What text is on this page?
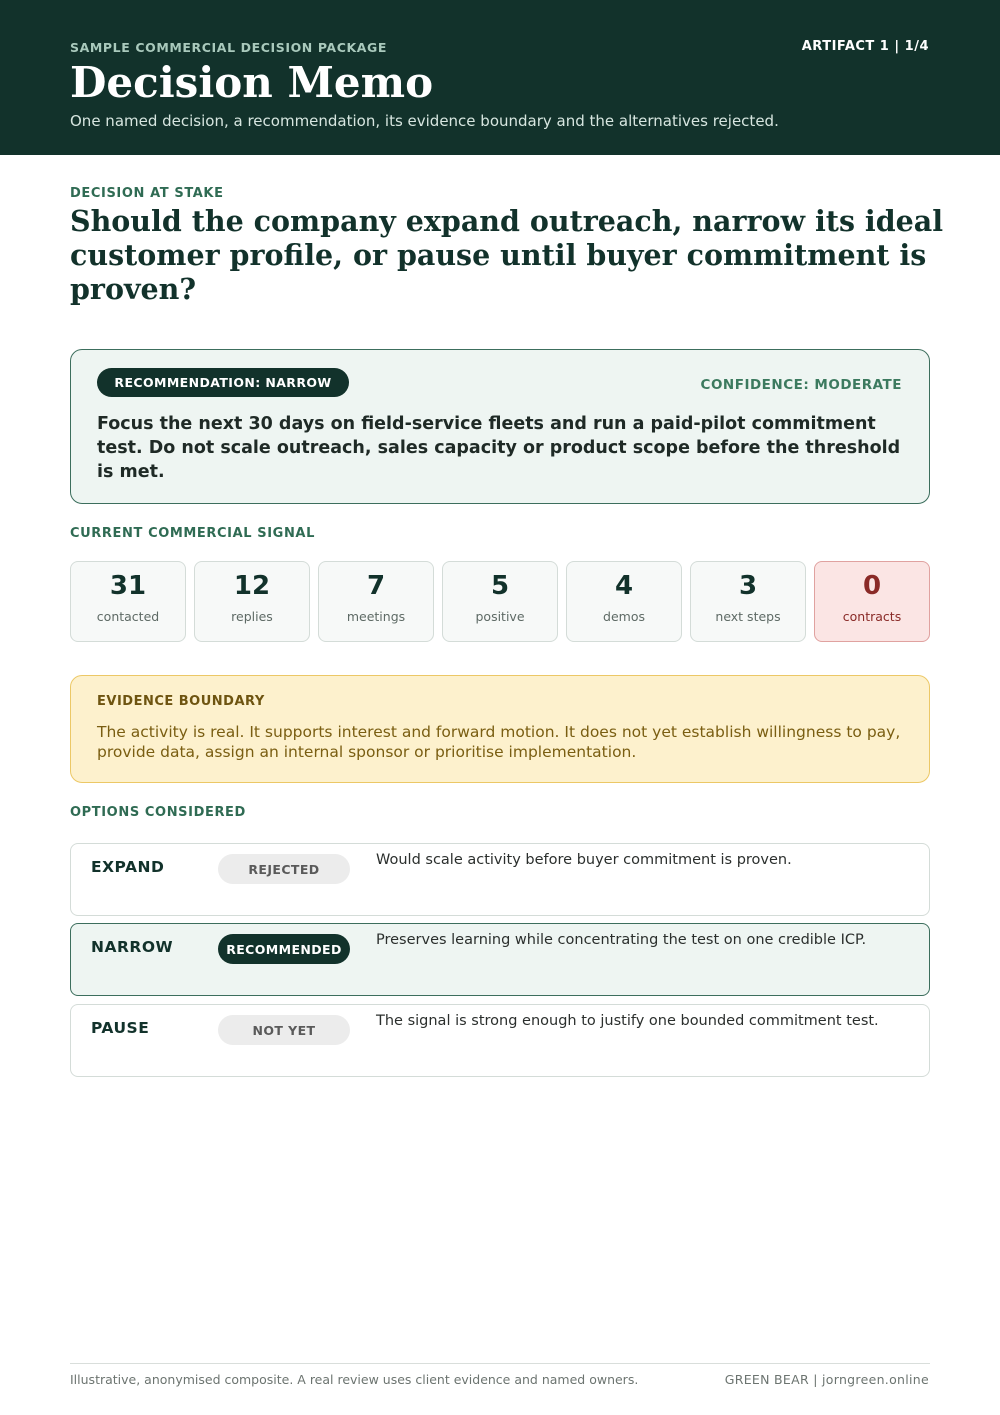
SAMPLE COMMERCIAL DECISION PACKAGE	ARTIFACT 1 | 1/4
Decision Memo
One named decision, a recommendation, its evidence boundary and the alternatives rejected.
DECISION AT STAKE
Should the company expand outreach, narrow its ideal customer profile, or pause until buyer commitment is proven?
RECOMMENDATION: NARROW	CONFIDENCE: MODERATE
Focus the next 30 days on field-service fleets and run a paid-pilot commitment test. Do not scale outreach, sales capacity or product scope before the threshold is met.
CURRENT COMMERCIAL SIGNAL
31
contacted
12
replies
7
meetings
5
positive
4
demos
3
next steps
0
contracts
EVIDENCE BOUNDARY
The activity is real. It supports interest and forward motion. It does not yet establish willingness to pay, provide data, assign an internal sponsor or prioritise implementation.
OPTIONS CONSIDERED
EXPAND	REJECTED
Would scale activity before buyer commitment is proven.
NARROW	RECOMMENDED
Preserves learning while concentrating the test on one credible ICP.
PAUSE	NOT YET
The signal is strong enough to justify one bounded commitment test.
Illustrative, anonymised composite. A real review uses client evidence and named owners.	GREEN BEAR | jorngreen.online
